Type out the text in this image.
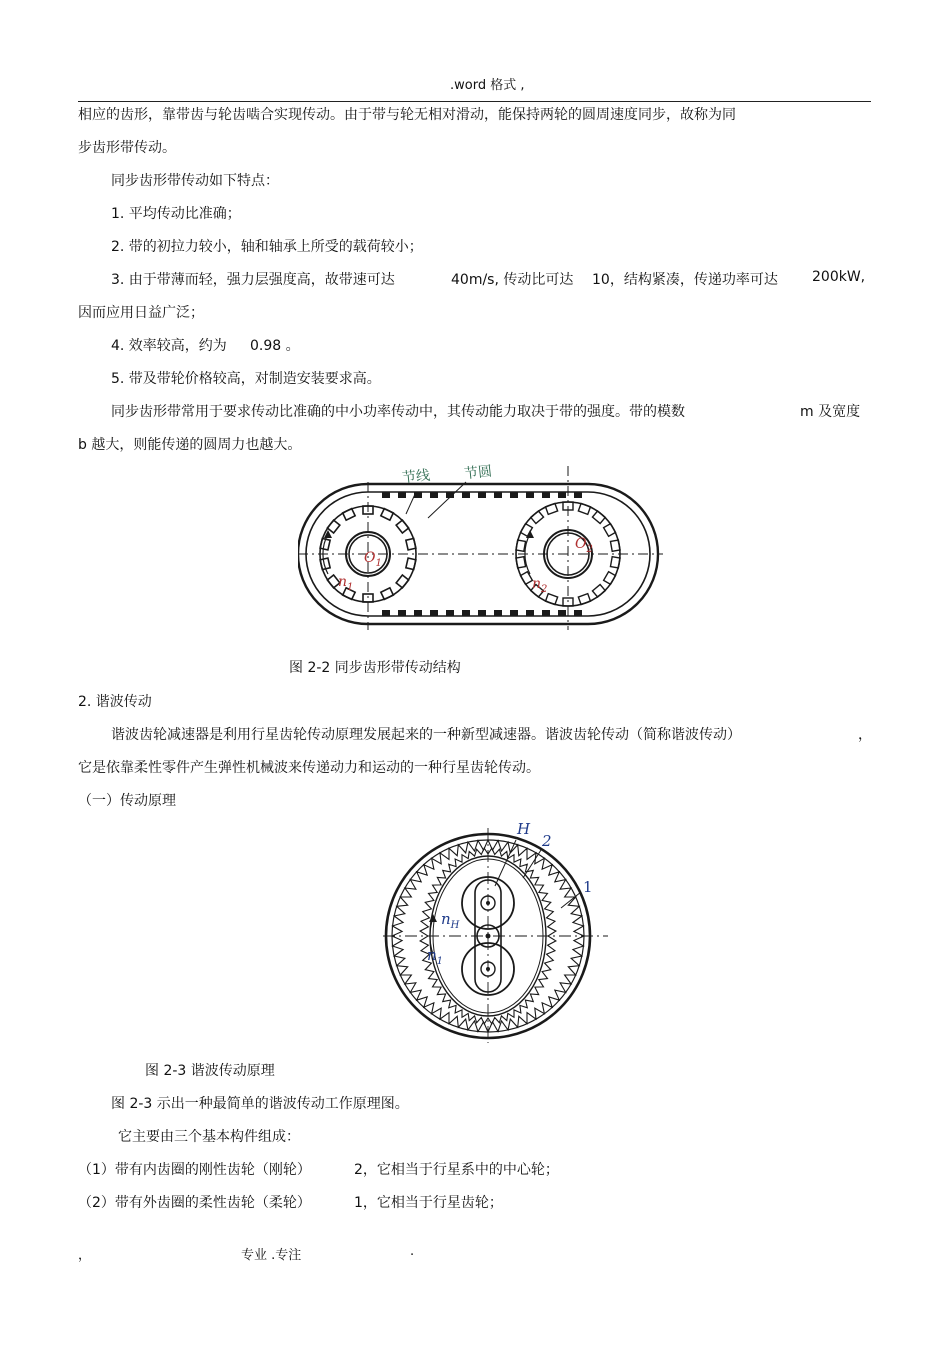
.word 格式 ,
相应的齿形，靠带齿与轮齿啮合实现传动。由于带与轮无相对滑动，能保持两轮的圆周速度同步，故称为同
步齿形带传动。
同步齿形带传动如下特点：
1. 平均传动比准确；
2. 带的初拉力较小，轴和轴承上所受的载荷较小；
3. 由于带薄而轻，强力层强度高，故带速可达	40m/s, 传动比可达 10，结构紧凑，传递功率可达 200kW,
因而应用日益广泛；
4. 效率较高，约为 0.98 。
5. 带及带轮价格较高，对制造安装要求高。
同步齿形带常用于要求传动比准确的中小功率传动中，其传动能力取决于带的强度。带的模数	m 及宽度
b 越大，则能传递的圆周力也越大。
节线 节圆
$O_1$
$O_2$
$n_1$	$n_2$
图 2-2 同步齿形带传动结构
2. 谐波传动
谐波齿轮减速器是利用行星齿轮传动原理发展起来的一种新型减速器。谐波齿轮传动（简称谐波传动）	，
它是依靠柔性零件产生弹性机械波来传递动力和运动的一种行星齿轮传动。
（一）传动原理
H
2
1
$n_H$
$n_1$
图 2-3 谐波传动原理
图 2-3 示出一种最简单的谐波传动工作原理图。
它主要由三个基本构件组成：
（1）带有内齿圈的刚性齿轮（刚轮）	2，它相当于行星系中的中心轮；
（2）带有外齿圈的柔性齿轮（柔轮）	1，它相当于行星齿轮；
，	专业 .专注	.
